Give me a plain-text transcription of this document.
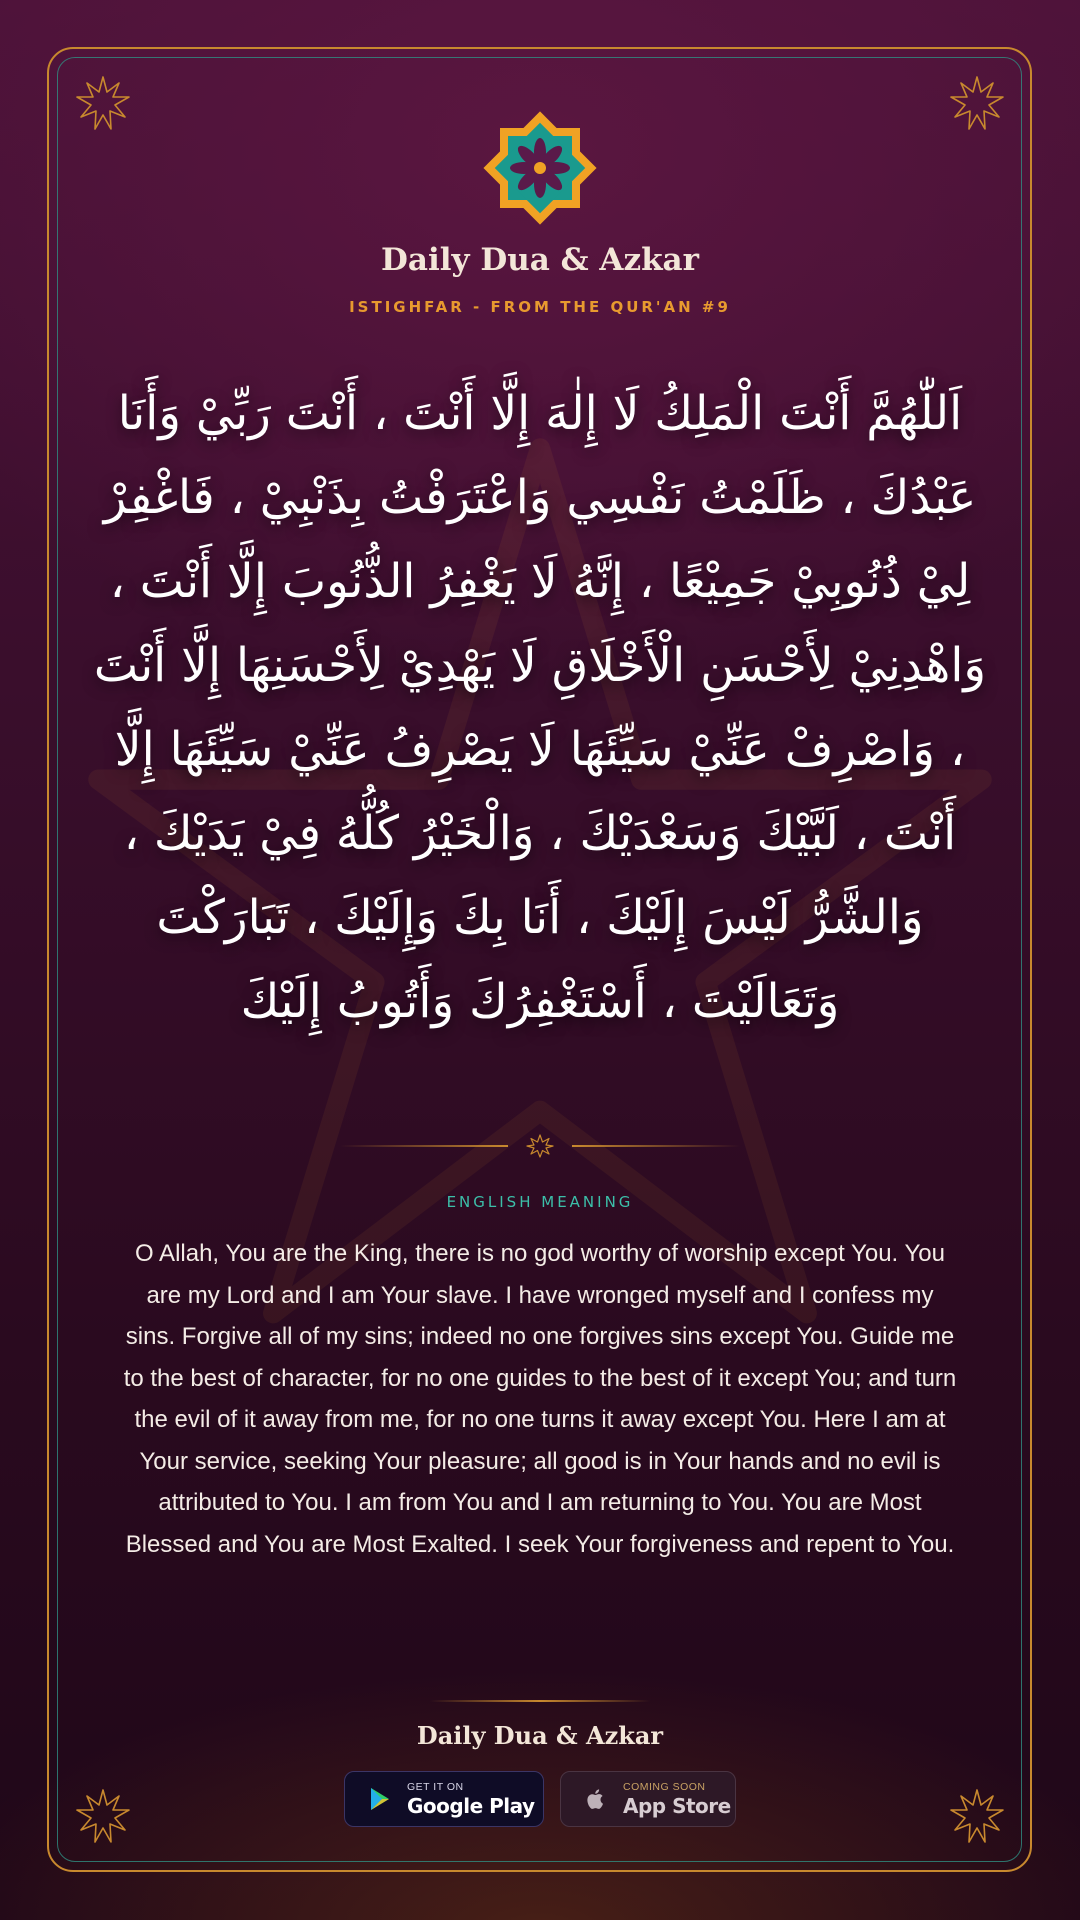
Daily Dua & Azkar
ISTIGHFAR - FROM THE QUR'AN #9
اَللّٰهُمَّ أَنْتَ الْمَلِكُ لَا إِلٰهَ إِلَّا أَنْتَ ، أَنْتَ رَبِّيْ وَأَنَا عَبْدُكَ ، ظَلَمْتُ نَفْسِي وَاعْتَرَفْتُ بِذَنْبِيْ ، فَاغْفِرْ لِيْ ذُنُوبِيْ جَمِيْعًا ، إِنَّهُ لَا يَغْفِرُ الذُّنُوبَ إِلَّا أَنْتَ ، وَاهْدِنِيْ لِأَحْسَنِ الْأَخْلَاقِ لَا يَهْدِيْ لِأَحْسَنِهَا إِلَّا أَنْتَ ، وَاصْرِفْ عَنِّيْ سَيِّئَهَا لَا يَصْرِفُ عَنِّيْ سَيِّئَهَا إِلَّا أَنْتَ ، لَبَّيْكَ وَسَعْدَيْكَ ، وَالْخَيْرُ كُلُّهُ فِيْ يَدَيْكَ ، وَالشَّرُّ لَيْسَ إِلَيْكَ ، أَنَا بِكَ وَإِلَيْكَ ، تَبَارَكْتَ وَتَعَالَيْتَ ، أَسْتَغْفِرُكَ وَأَتُوبُ إِلَيْكَ
ENGLISH MEANING
O Allah, You are the King, there is no god worthy of worship except You. You are my Lord and I am Your slave. I have wronged myself and I confess my sins. Forgive all of my sins; indeed no one forgives sins except You. Guide me to the best of character, for no one guides to the best of it except You; and turn the evil of it away from me, for no one turns it away except You. Here I am at Your service, seeking Your pleasure; all good is in Your hands and no evil is attributed to You. I am from You and I am returning to You. You are Most Blessed and You are Most Exalted. I seek Your forgiveness and repent to You.
Daily Dua & Azkar
GET IT ON
Google Play
COMING SOON
App Store
